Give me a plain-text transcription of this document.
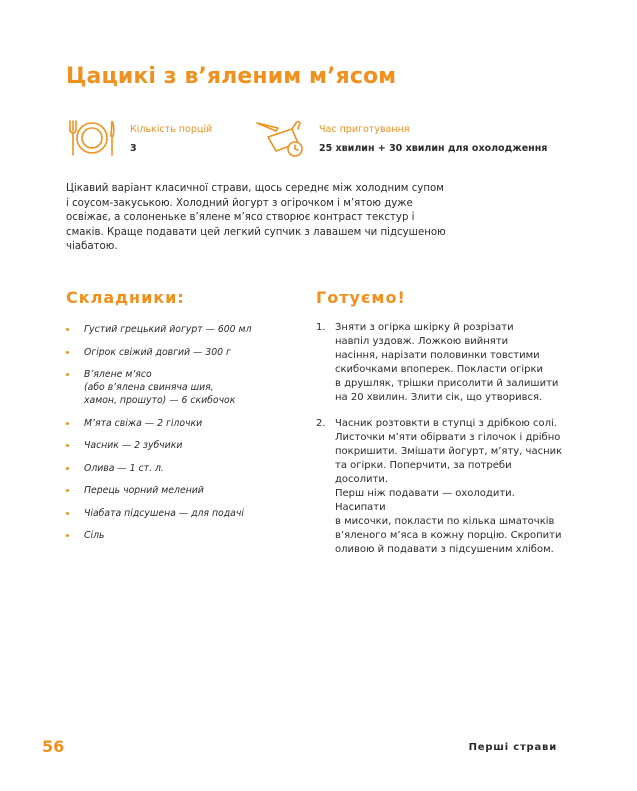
Цацикі з в’яленим м’ясом
Кількість порцій
3
Час приготування
25 хвилин + 30 хвилин для охолодження

Цікавий варіант класичної страви, щось середнє між холодним супом і соусом-закуською. Холодний йогурт з огірочком і м’ятою дуже освіжає, а солоненьке в’ялене м’ясо створює контраст текстур і смаків. Краще подавати цей легкий супчик з лавашем чи підсушеною чіабатою.

Складники:	Готуємо!
Густий грецький йогурт — 600 мл
Огірок свіжий довгий — 300 г
В’ялене м’ясо
(або в’ялена свиняча шия,
хамон, прошуто) — 6 скибочок
М’ята свіжа — 2 гілочки
Часник — 2 зубчики
Олива — 1 ст. л.
Перець чорний мелений
Чіабата підсушена — для подачі
Сіль
1. Зняти з огірка шкірку й розрізати
навпіл уздовж. Ложкою вийняти
насіння, нарізати половинки товстими
скибочками впоперек. Покласти огірки
в друшляк, трішки присолити й залишити
на 20 хвилин. Злити сік, що утворився.
2. Часник розтовкти в ступці з дрібкою солі.
Листочки м’яти обірвати з гілочок і дрібно
покришити. Змішати йогурт, м’яту, часник
та огірки. Поперчити, за потреби досолити.
Перш ніж подавати — охолодити. Насипати
в мисочки, покласти по кілька шматочків
в’яленого м’яса в кожну порцію. Скропити
оливою й подавати з підсушеним хлібом.
56	Перші страви
